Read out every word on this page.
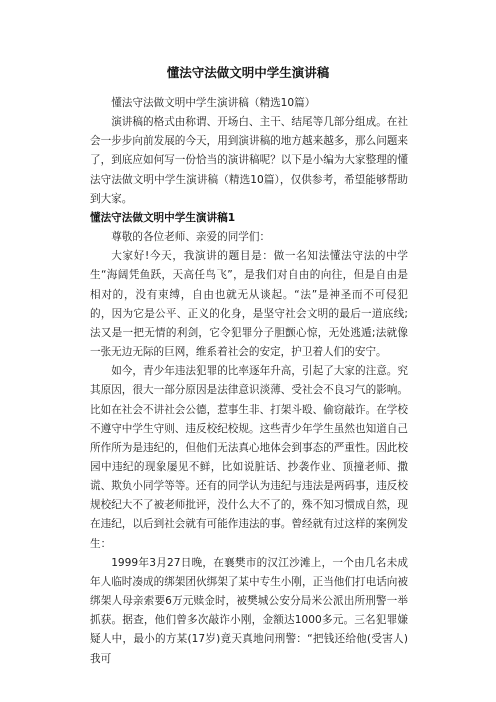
懂法守法做文明中学生演讲稿

懂法守法做文明中学生演讲稿（精选10篇）

演讲稿的格式由称谓、开场白、主干、结尾等几部分组成。在社会一步步向前发展的今天，用到演讲稿的地方越来越多，那么问题来了，到底应如何写一份恰当的演讲稿呢？以下是小编为大家整理的懂法守法做文明中学生演讲稿（精选10篇），仅供参考，希望能够帮助到大家。

懂法守法做文明中学生演讲稿1

尊敬的各位老师、亲爱的同学们：

大家好!今天，我演讲的题目是：做一名知法懂法守法的中学生“海阔凭鱼跃，天高任鸟飞”，是我们对自由的向往，但是自由是相对的，没有束缚，自由也就无从谈起。“法”是神圣而不可侵犯的，因为它是公平、正义的化身，是坚守社会文明的最后一道底线;法又是一把无情的利剑，它令犯罪分子胆颤心惊，无处逃遁;法就像一张无边无际的巨网，维系着社会的安定，护卫着人们的安宁。

如今，青少年违法犯罪的比率逐年升高，引起了大家的注意。究其原因，很大一部分原因是法律意识淡薄、受社会不良习气的影响。比如在社会不讲社会公德，惹事生非、打架斗殴、偷窃敲诈。在学校不遵守中学生守则、违反校纪校规。这些青少年学生虽然也知道自己所作所为是违纪的，但他们无法真心地体会到事态的严重性。因此校园中违纪的现象屡见不鲜，比如说脏话、抄袭作业、顶撞老师、撒谎、欺负小同学等等。还有的同学认为违纪与违法是两码事，违反校规校纪大不了被老师批评，没什么大不了的，殊不知习惯成自然，现在违纪，以后到社会就有可能作违法的事。曾经就有过这样的案例发生：

1999年3月27日晚，在襄樊市的汉江沙滩上，一个由几名未成年人临时凑成的绑架团伙绑架了某中专生小刚，正当他们打电话向被绑架人母亲索要6万元赎金时，被樊城公安分局米公派出所刑警一举抓获。据查，他们曾多次敲诈小刚，金额达1000多元。三名犯罪嫌疑人中，最小的方某(17岁)竟天真地问刑警：“把钱还给他(受害人)我可
